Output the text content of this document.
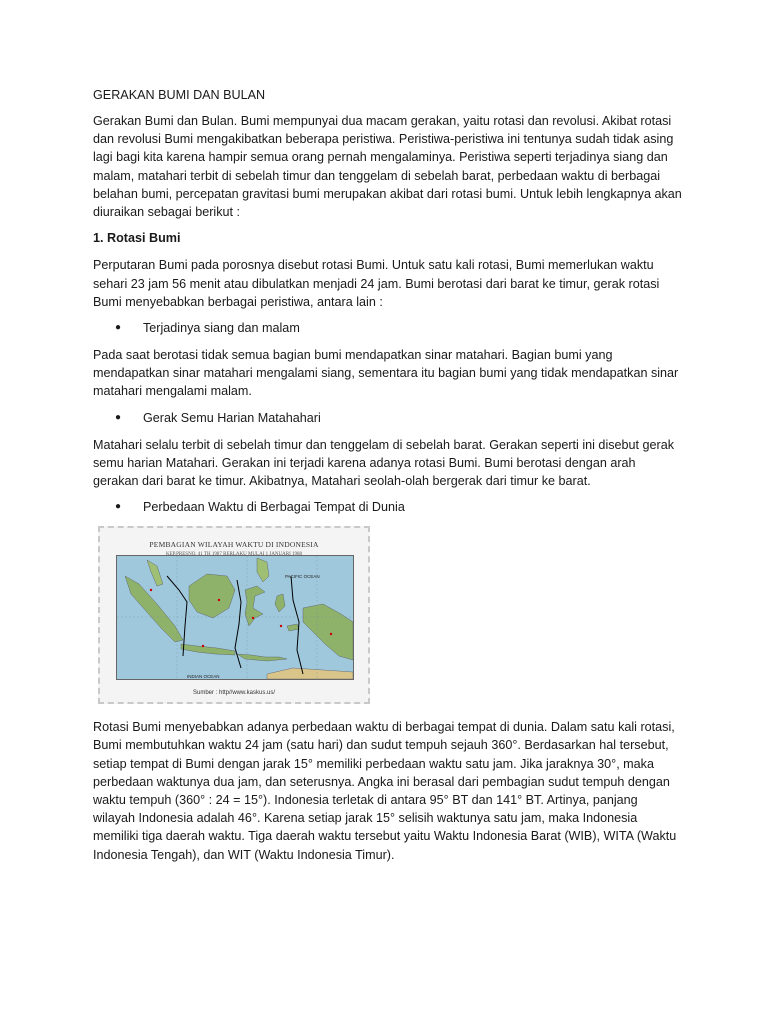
GERAKAN BUMI DAN BULAN

Gerakan Bumi dan Bulan. Bumi mempunyai dua macam gerakan, yaitu rotasi dan revolusi. Akibat rotasi dan revolusi Bumi mengakibatkan beberapa peristiwa. Peristiwa-peristiwa ini tentunya sudah tidak asing lagi bagi kita karena hampir semua orang pernah mengalaminya. Peristiwa seperti terjadinya siang dan malam, matahari terbit di sebelah timur dan tenggelam di sebelah barat, perbedaan waktu di berbagai belahan bumi, percepatan gravitasi bumi merupakan akibat dari rotasi bumi. Untuk lebih lengkapnya akan diuraikan sebagai berikut :

1. Rotasi Bumi

Perputaran Bumi pada porosnya disebut rotasi Bumi. Untuk satu kali rotasi, Bumi memerlukan waktu sehari 23 jam 56 menit atau dibulatkan menjadi 24 jam. Bumi berotasi dari barat ke timur, gerak rotasi Bumi menyebabkan berbagai peristiwa, antara lain :

●	Terjadinya siang dan malam

Pada saat berotasi tidak semua bagian bumi mendapatkan sinar matahari. Bagian bumi yang mendapatkan sinar matahari mengalami siang, sementara itu bagian bumi yang tidak mendapatkan sinar matahari mengalami malam.

●	Gerak Semu Harian Matahahari

Matahari selalu terbit di sebelah timur dan tenggelam di sebelah barat. Gerakan seperti ini disebut gerak semu harian Matahari. Gerakan ini terjadi karena adanya rotasi Bumi. Bumi berotasi dengan arah gerakan dari barat ke timur. Akibatnya, Matahari seolah-olah bergerak dari timur ke barat.

●	Perbedaan Waktu di Berbagai Tempat di Dunia
PEMBAGIAN WILAYAH WAKTU DI INDONESIA
PACIFIC OCEAN
INDIAN OCEAN
Sumber : http//www.kaskus.us/

Rotasi Bumi menyebabkan adanya perbedaan waktu di berbagai tempat di dunia. Dalam satu kali rotasi, Bumi membutuhkan waktu 24 jam (satu hari) dan sudut tempuh sejauh 360°. Berdasarkan hal tersebut, setiap tempat di Bumi dengan jarak 15° memiliki perbedaan waktu satu jam. Jika jaraknya 30°, maka perbedaan waktunya dua jam, dan seterusnya. Angka ini berasal dari pembagian sudut tempuh dengan waktu tempuh (360° : 24 = 15°). Indonesia terletak di antara 95° BT dan 141° BT. Artinya, panjang wilayah Indonesia adalah 46°. Karena setiap jarak 15° selisih waktunya satu jam, maka Indonesia memiliki tiga daerah waktu. Tiga daerah waktu tersebut yaitu Waktu Indonesia Barat (WIB), WITA (Waktu Indonesia Tengah), dan WIT (Waktu Indonesia Timur).
